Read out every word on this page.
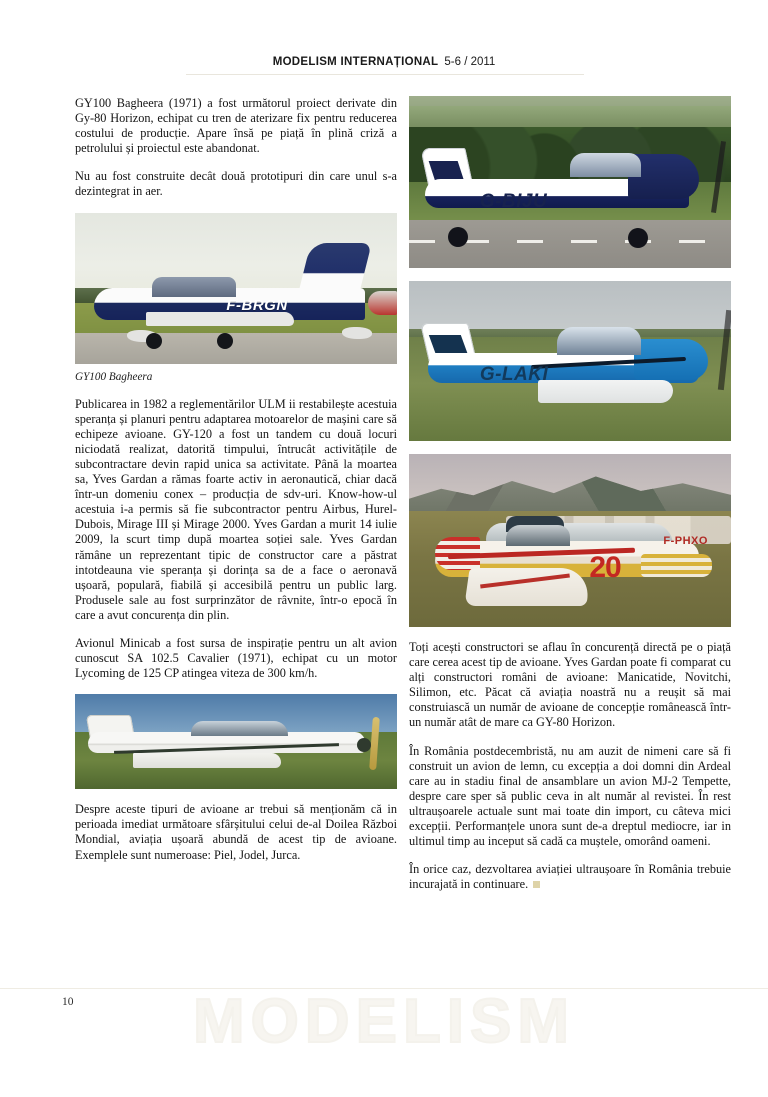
MODELISM INTERNAȚIONAL 5-6 / 2011

GY100 Bagheera (1971) a fost următorul proiect derivate din Gy-80 Horizon, echipat cu tren de aterizare fix pentru reducerea costului de producție. Apare însă pe piață în plină criză a petrolului și proiectul este abandonat.

Nu au fost construite decât două prototipuri din care unul s-a dezintegrat in aer.

F-BRGN
GY100 Bagheera

Publicarea in 1982 a reglementărilor ULM ii restabilește acestuia speranța și planuri pentru adaptarea motoarelor de mașini care să echipeze avioane. GY-120 a fost un tandem cu două locuri niciodată realizat, datorită timpului, întrucât activitățile de subcontractare devin rapid unica sa activitate. Până la moartea sa, Yves Gardan a rămas foarte activ in aeronautică, chiar dacă într-un domeniu conex – producția de sdv-uri. Know-how-ul acestuia i-a permis să fie subcontractor pentru Airbus, Hurel-Dubois, Mirage III și Mirage 2000. Yves Gardan a murit 14 iulie 2009, la scurt timp după moartea soției sale. Yves Gardan rămâne un reprezentant tipic de constructor care a păstrat intotdeauna vie speranța și dorința sa de a face o aeronavă ușoară, populară, fiabilă și accesibilă pentru un public larg. Produsele sale au fost surprinzător de râvnite, într-o epocă în care a avut concurența din plin.

Avionul Minicab a fost sursa de inspirație pentru un alt avion cunoscut SA 102.5 Cavalier (1971), echipat cu un motor Lycoming de 125 CP atingea viteza de 300 km/h.

Despre aceste tipuri de avioane ar trebui să menționăm că in perioada imediat următoare sfârșitului celui de-al Doilea Război Mondial, aviația ușoară abundă de acest tip de avioane. Exemplele sunt numeroase: Piel, Jodel, Jurca.

G-BIJU
G-LAKI
20
F-PHXO

Toți acești constructori se aflau în concurență directă pe o piață care cerea acest tip de avioane. Yves Gardan poate fi comparat cu alți constructori români de avioane: Manicatide, Novitchi, Silimon, etc. Păcat că aviația noastră nu a reușit să mai construiască un număr de avioane de concepție românească într-un număr atât de mare ca GY-80 Horizon.

În România postdecembristă, nu am auzit de nimeni care să fi construit un avion de lemn, cu excepția a doi domni din Ardeal care au in stadiu final de ansamblare un avion MJ-2 Tempette, despre care sper să public ceva in alt număr al revistei. În rest ultraușoarele actuale sunt mai toate din import, cu câteva mici excepții. Performanțele unora sunt de-a dreptul mediocre, iar in ultimul timp au inceput să cadă ca muștele, omorând oameni.

În orice caz, dezvoltarea aviației ultraușoare în România trebuie incurajată in continuare.

MODELISM
10
